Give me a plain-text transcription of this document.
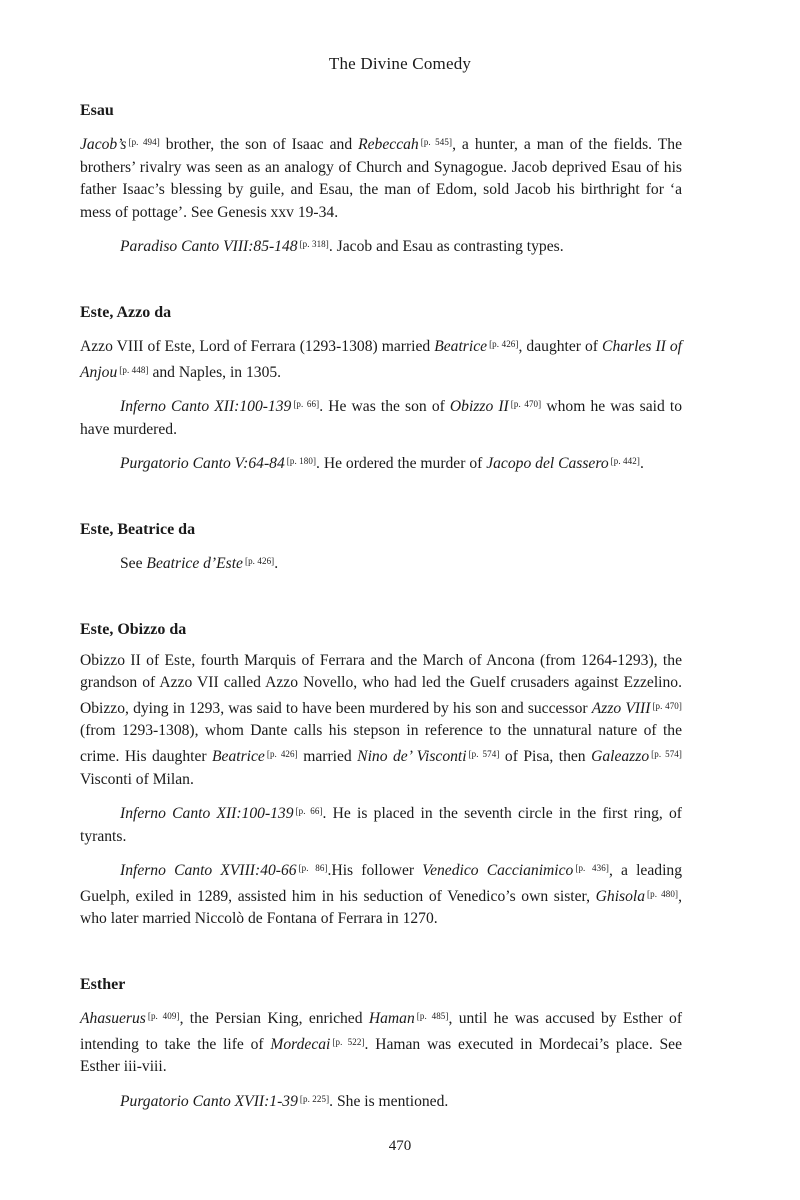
The Divine Comedy
Esau

Jacob’s [p. 494] brother, the son of Isaac and Rebeccah [p. 545], a hunter, a man of the fields. The brothers’ rivalry was seen as an analogy of Church and Synagogue. Jacob deprived Esau of his father Isaac’s blessing by guile, and Esau, the man of Edom, sold Jacob his birthright for ‘a mess of pottage’. See Genesis xxv 19-34.

Paradiso Canto VIII:85-148 [p. 318]. Jacob and Esau as contrasting types.

Este, Azzo da

Azzo VIII of Este, Lord of Ferrara (1293-1308) married Beatrice [p. 426], daughter of Charles II of Anjou [p. 448] and Naples, in 1305.

Inferno Canto XII:100-139 [p. 66]. He was the son of Obizzo II [p. 470] whom he was said to have murdered.

Purgatorio Canto V:64-84 [p. 180]. He ordered the murder of Jacopo del Cassero [p. 442].

Este, Beatrice da

See Beatrice d’Este [p. 426].

Este, Obizzo da

Obizzo II of Este, fourth Marquis of Ferrara and the March of Ancona (from 1264-1293), the grandson of Azzo VII called Azzo Novello, who had led the Guelf crusaders against Ezzelino. Obizzo, dying in 1293, was said to have been murdered by his son and successor Azzo VIII [p. 470] (from 1293-1308), whom Dante calls his stepson in reference to the unnatural nature of the crime. His daughter Beatrice [p. 426] married Nino de’ Visconti [p. 574] of Pisa, then Galeazzo [p. 574] Visconti of Milan.

Inferno Canto XII:100-139 [p. 66]. He is placed in the seventh circle in the first ring, of tyrants.

Inferno Canto XVIII:40-66 [p. 86].His follower Venedico Caccianimico [p. 436], a leading Guelph, exiled in 1289, assisted him in his seduction of Venedico’s own sister, Ghisola [p. 480], who later married Niccolò de Fontana of Ferrara in 1270.

Esther

Ahasuerus [p. 409], the Persian King, enriched Haman [p. 485], until he was accused by Esther of intending to take the life of Mordecai [p. 522]. Haman was executed in Mordecai’s place. See Esther iii-viii.

Purgatorio Canto XVII:1-39 [p. 225]. She is mentioned.

470
